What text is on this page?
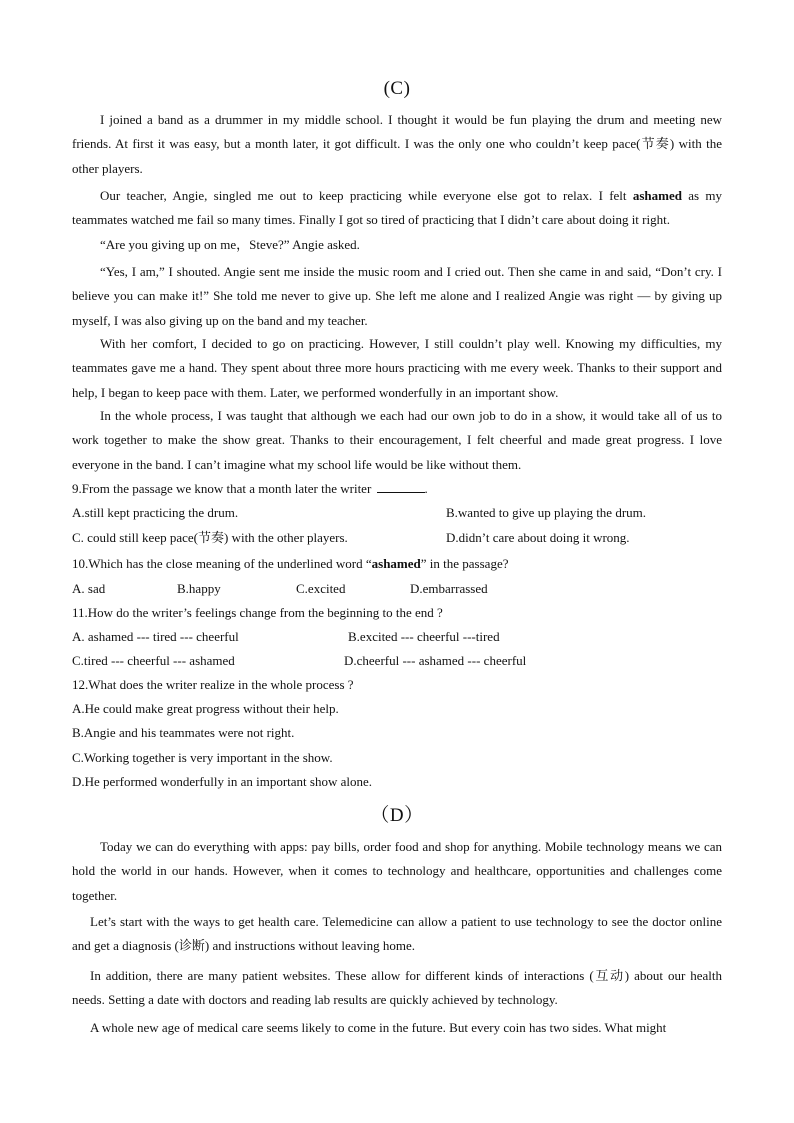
(C)

I joined a band as a drummer in my middle school. I thought it would be fun playing the drum and meeting new friends. At first it was easy, but a month later, it got difficult. I was the only one who couldn’t keep pace(节奏) with the other players.

Our teacher, Angie, singled me out to keep practicing while everyone else got to relax. I felt ashamed as my teammates watched me fail so many times. Finally I got so tired of practicing that I didn’t care about doing it right.

“Are you giving up on me，Steve?” Angie asked.

“Yes, I am,” I shouted. Angie sent me inside the music room and I cried out. Then she came in and said, “Don’t cry. I believe you can make it!” She told me never to give up. She left me alone and I realized Angie was right — by giving up myself, I was also giving up on the band and my teacher.

With her comfort, I decided to go on practicing. However, I still couldn’t play well. Knowing my difficulties, my teammates gave me a hand. They spent about three more hours practicing with me every week. Thanks to their support and help, I began to keep pace with them. Later, we performed wonderfully in an important show.

In the whole process, I was taught that although we each had our own job to do in a show, it would take all of us to work together to make the show great. Thanks to their encouragement, I felt cheerful and made great progress. I love everyone in the band. I can’t imagine what my school life would be like without them.

9.From the passage we know that a month later the writer	.
A.still kept practicing the drum.	B.wanted to give up playing the drum.
C. could still keep pace(节奏) with the other players.	D.didn’t care about doing it wrong.
10.Which has the close meaning of the underlined word “ashamed” in the passage?
A. sad	B.happy	C.excited	D.embarrassed
11.How do the writer’s feelings change from the beginning to the end ?
A. ashamed --- tired --- cheerful	B.excited --- cheerful ---tired
C.tired --- cheerful --- ashamed	D.cheerful --- ashamed --- cheerful
12.What does the writer realize in the whole process ?
A.He could make great progress without their help.
B.Angie and his teammates were not right.
C.Working together is very important in the show.
D.He performed wonderfully in an important show alone.
（D）

Today we can do everything with apps: pay bills, order food and shop for anything. Mobile technology means we can hold the world in our hands. However, when it comes to technology and healthcare, opportunities and challenges come together.

Let’s start with the ways to get health care. Telemedicine can allow a patient to use technology to see the doctor online and get a diagnosis (诊断) and instructions without leaving home.

In addition, there are many patient websites. These allow for different kinds of interactions (互动) about our health needs. Setting a date with doctors and reading lab results are quickly achieved by technology.

A whole new age of medical care seems likely to come in the future. But every coin has two sides. What might
